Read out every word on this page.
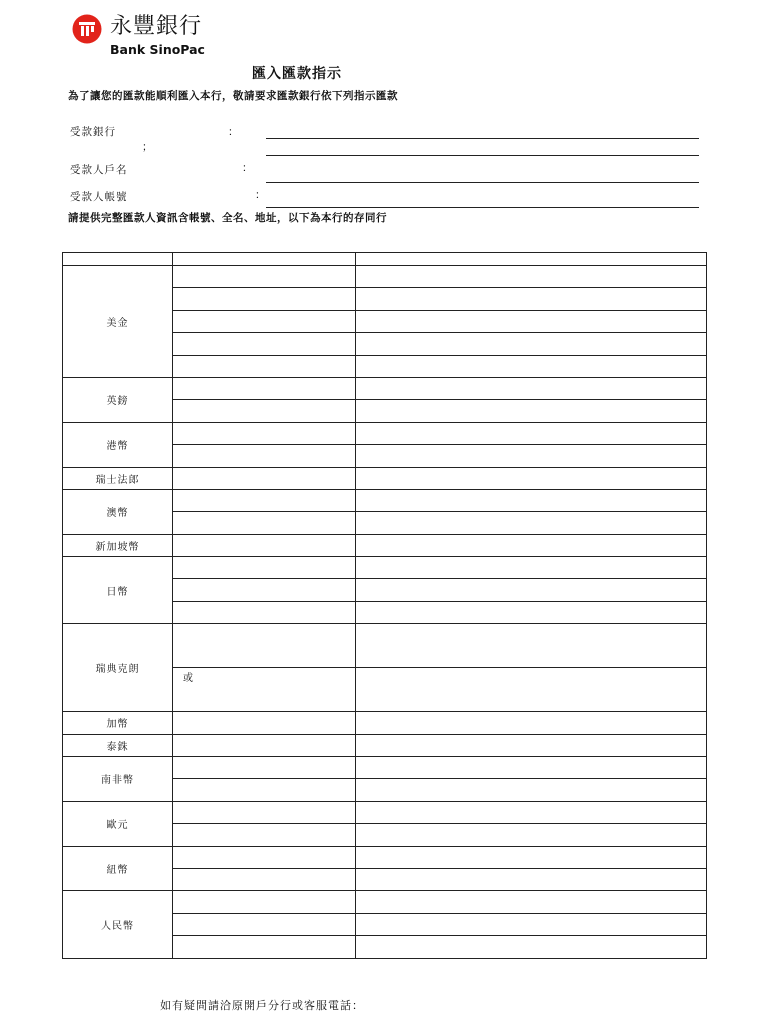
永豐銀行
Bank SinoPac
匯入匯款指示
為了讓您的匯款能順利匯入本行，敬請要求匯款銀行依下列指示匯款
受款銀行	：
；
受款人戶名	：
受款人帳號	：
請提供完整匯款人資訊含帳號、全名、地址，以下為本行的存同行

美金		

英鎊		

港幣		

瑞士法郎		
澳幣		

新加坡幣		
日幣		

瑞典克朗		
	或	
加幣		
泰銖		
南非幣		

歐元		

紐幣		

人民幣		

如有疑問請洽原開戶分行或客服電話：
